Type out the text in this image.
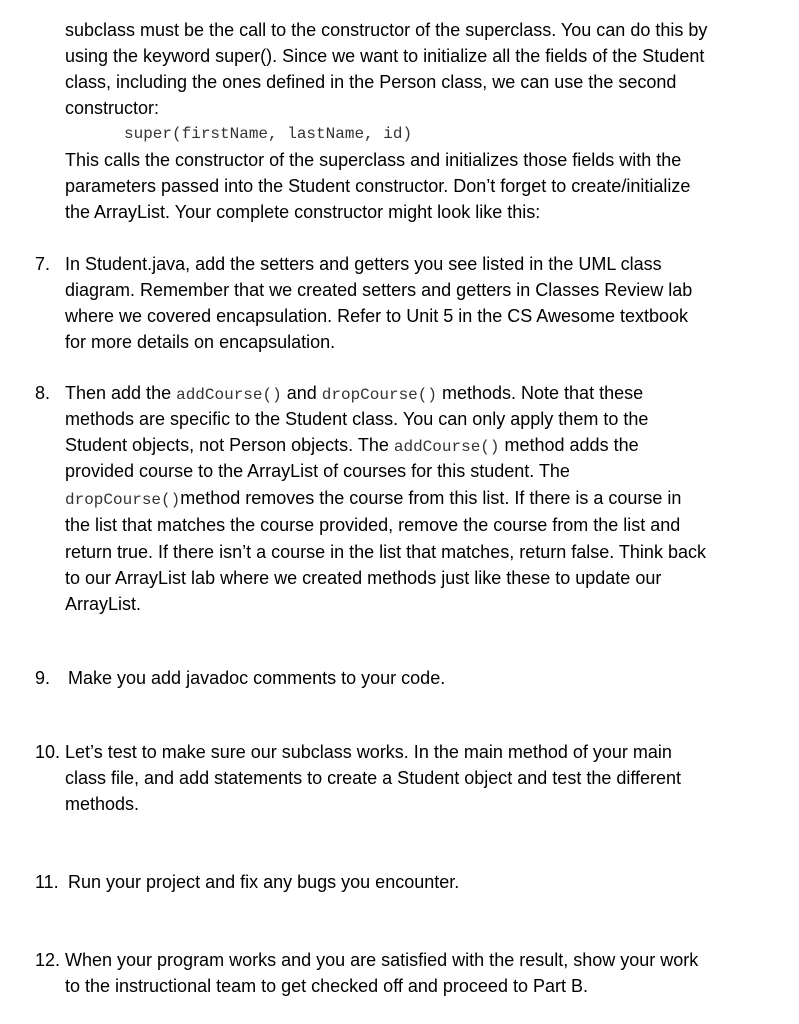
subclass must be the call to the constructor of the superclass. You can do this by
using the keyword super(). Since we want to initialize all the fields of the Student
class, including the ones defined in the Person class, we can use the second
constructor:
super(firstName, lastName, id)
This calls the constructor of the superclass and initializes those fields with the
parameters passed into the Student constructor. Don’t forget to create/initialize
the ArrayList. Your complete constructor might look like this:
7. In Student.java, add the setters and getters you see listed in the UML class
diagram. Remember that we created setters and getters in Classes Review lab
where we covered encapsulation. Refer to Unit 5 in the CS Awesome textbook
for more details on encapsulation.
8. Then add the addCourse() and dropCourse() methods. Note that these
methods are specific to the Student class. You can only apply them to the
Student objects, not Person objects. The addCourse() method adds the
provided course to the ArrayList of courses for this student. The
dropCourse()method removes the course from this list. If there is a course in
the list that matches the course provided, remove the course from the list and
return true. If there isn’t a course in the list that matches, return false. Think back
to our ArrayList lab where we created methods just like these to update our
ArrayList.
9. Make you add javadoc comments to your code.
10. Let’s test to make sure our subclass works. In the main method of your main
class file, and add statements to create a Student object and test the different
methods.
11. Run your project and fix any bugs you encounter.
12. When your program works and you are satisfied with the result, show your work
to the instructional team to get checked off and proceed to Part B.
